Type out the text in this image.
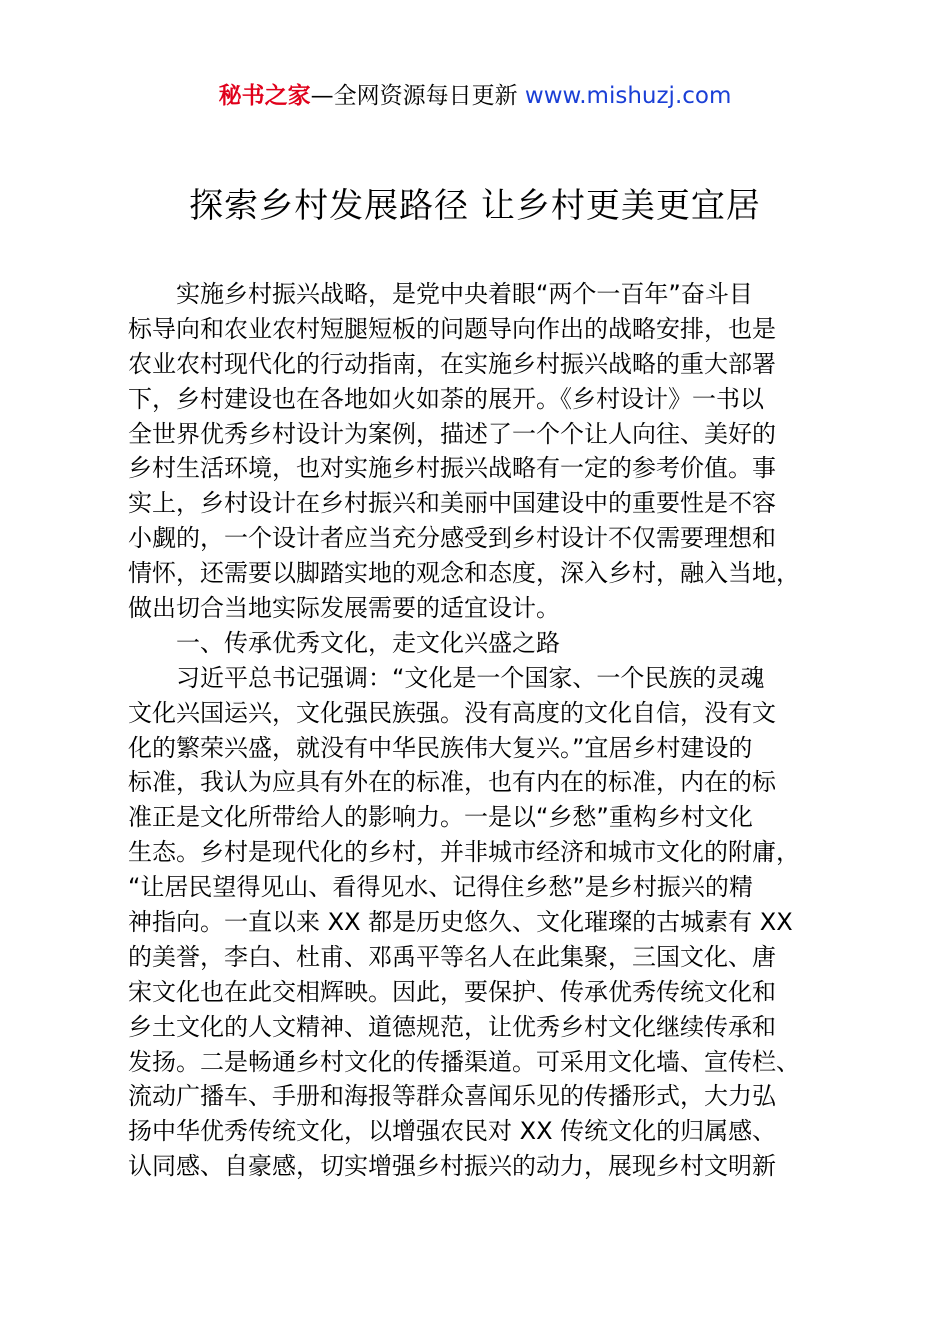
秘书之家—全网资源每日更新 www.mishuzj.com
探索乡村发展路径 让乡村更美更宜居
　　实施乡村振兴战略，是党中央着眼“两个一百年”奋斗目
标导向和农业农村短腿短板的问题导向作出的战略安排，也是
农业农村现代化的行动指南，在实施乡村振兴战略的重大部署
下，乡村建设也在各地如火如荼的展开。《乡村设计》一书以
全世界优秀乡村设计为案例，描述了一个个让人向往、美好的
乡村生活环境，也对实施乡村振兴战略有一定的参考价值。事
实上，乡村设计在乡村振兴和美丽中国建设中的重要性是不容
小觑的，一个设计者应当充分感受到乡村设计不仅需要理想和
情怀，还需要以脚踏实地的观念和态度，深入乡村，融入当地，
做出切合当地实际发展需要的适宜设计。
　　一、传承优秀文化，走文化兴盛之路
　　习近平总书记强调：“文化是一个国家、一个民族的灵魂
文化兴国运兴，文化强民族强。没有高度的文化自信，没有文
化的繁荣兴盛，就没有中华民族伟大复兴。”宜居乡村建设的
标准，我认为应具有外在的标准，也有内在的标准，内在的标
准正是文化所带给人的影响力。一是以“乡愁”重构乡村文化
生态。乡村是现代化的乡村，并非城市经济和城市文化的附庸，
“让居民望得见山、看得见水、记得住乡愁”是乡村振兴的精
神指向。一直以来 XX 都是历史悠久、文化璀璨的古城素有 XX
的美誉，李白、杜甫、邓禹平等名人在此集聚，三国文化、唐
宋文化也在此交相辉映。因此，要保护、传承优秀传统文化和
乡土文化的人文精神、道德规范，让优秀乡村文化继续传承和
发扬。二是畅通乡村文化的传播渠道。可采用文化墙、宣传栏、
流动广播车、手册和海报等群众喜闻乐见的传播形式，大力弘
扬中华优秀传统文化，以增强农民对 XX 传统文化的归属感、
认同感、自豪感，切实增强乡村振兴的动力，展现乡村文明新
